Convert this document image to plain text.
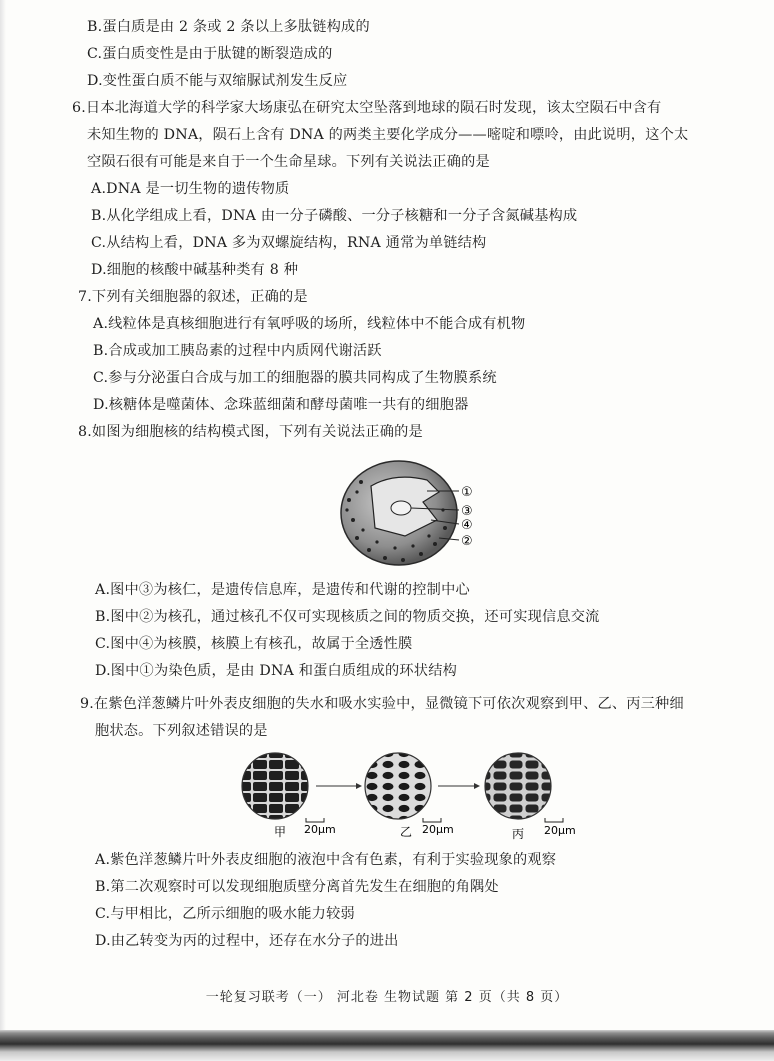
B.蛋白质是由 2 条或 2 条以上多肽链构成的
C.蛋白质变性是由于肽键的断裂造成的
D.变性蛋白质不能与双缩脲试剂发生反应
6.日本北海道大学的科学家大场康弘在研究太空坠落到地球的陨石时发现，该太空陨石中含有
未知生物的 DNA，陨石上含有 DNA 的两类主要化学成分——嘧啶和嘌呤，由此说明，这个太
空陨石很有可能是来自于一个生命星球。下列有关说法正确的是
A.DNA 是一切生物的遗传物质
B.从化学组成上看，DNA 由一分子磷酸、一分子核糖和一分子含氮碱基构成
C.从结构上看，DNA 多为双螺旋结构，RNA 通常为单链结构
D.细胞的核酸中碱基种类有 8 种
7.下列有关细胞器的叙述，正确的是
A.线粒体是真核细胞进行有氧呼吸的场所，线粒体中不能合成有机物
B.合成或加工胰岛素的过程中内质网代谢活跃
C.参与分泌蛋白合成与加工的细胞器的膜共同构成了生物膜系统
D.核糖体是噬菌体、念珠蓝细菌和酵母菌唯一共有的细胞器
8.如图为细胞核的结构模式图，下列有关说法正确的是
①
③
④
②
A.图中③为核仁，是遗传信息库，是遗传和代谢的控制中心
B.图中②为核孔，通过核孔不仅可实现核质之间的物质交换，还可实现信息交流
C.图中④为核膜，核膜上有核孔，故属于全透性膜
D.图中①为染色质，是由 DNA 和蛋白质组成的环状结构
9.在紫色洋葱鳞片叶外表皮细胞的失水和吸水实验中，显微镜下可依次观察到甲、乙、丙三种细
胞状态。下列叙述错误的是
甲 20μm	乙 20μm	丙 20μm
A.紫色洋葱鳞片叶外表皮细胞的液泡中含有色素，有利于实验现象的观察
B.第二次观察时可以发现细胞质壁分离首先发生在细胞的角隅处
C.与甲相比，乙所示细胞的吸水能力较弱
D.由乙转变为丙的过程中，还存在水分子的进出
一轮复习联考（一） 河北卷 生物试题 第 2 页（共 8 页）
